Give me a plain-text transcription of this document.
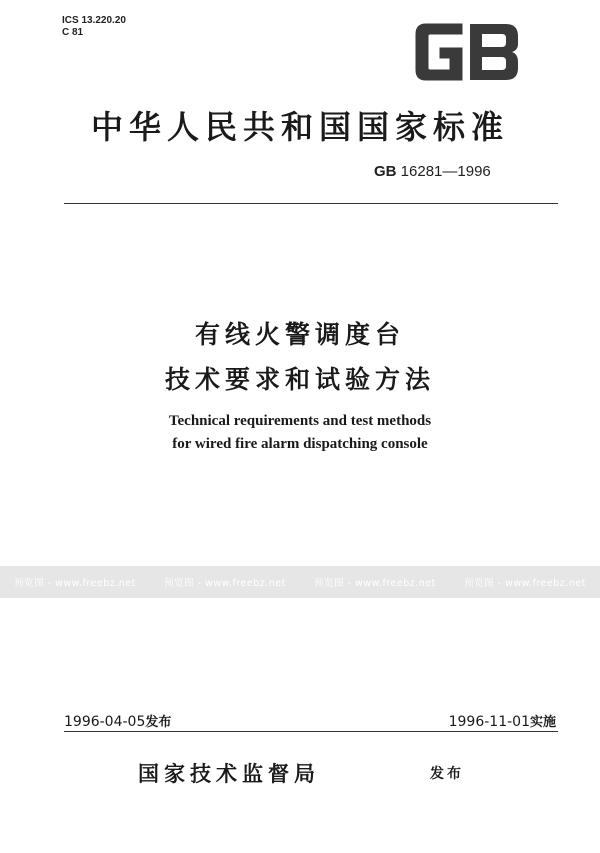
ICS 13.220.20
C 81
中华人民共和国国家标准
GB 16281—1996
有线火警调度台
技术要求和试验方法
Technical requirements and test methods
for wired fire alarm dispatching console
预览图 - www.freebz.net	预览图 - www.freebz.net	预览图 - www.freebz.net	预览图 - www.freebz.net
1996-04-05发布	1996-11-01实施
国家技术监督局	发布
